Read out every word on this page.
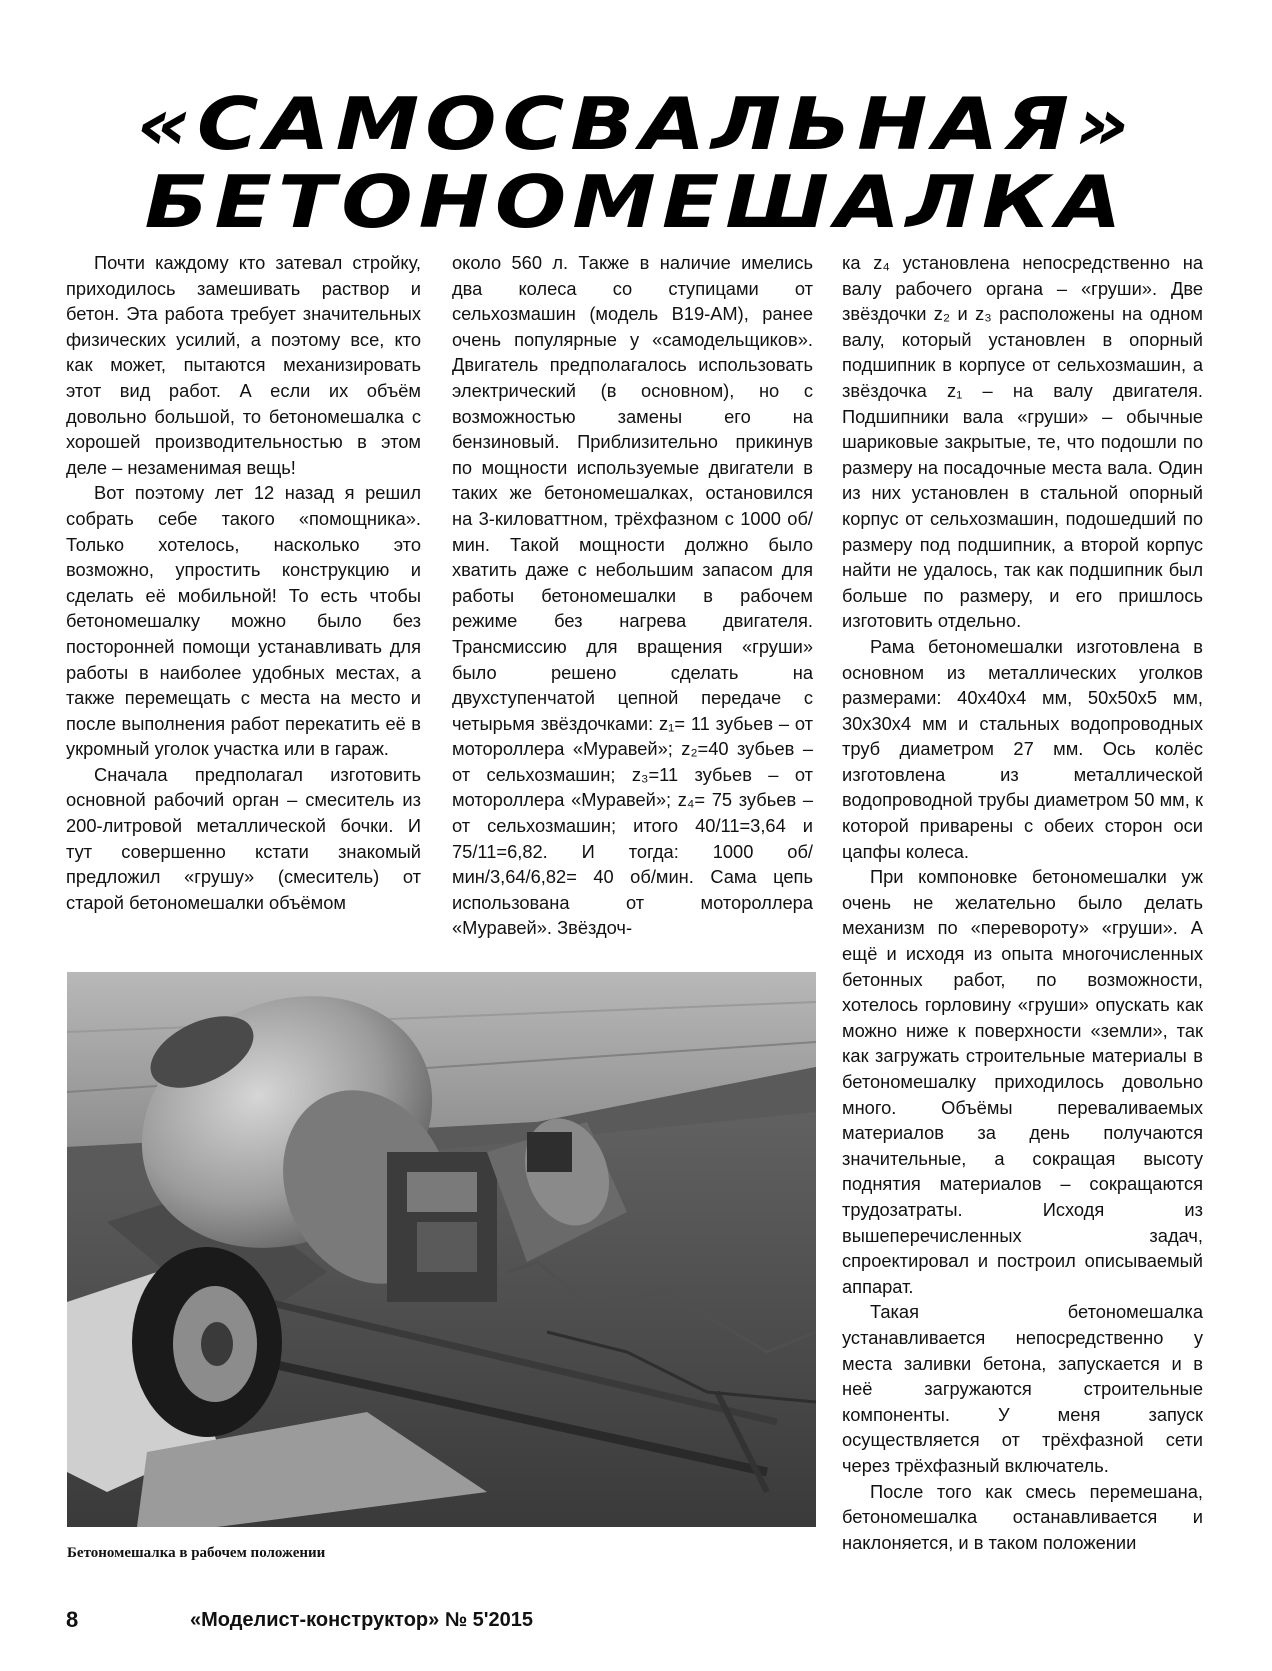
«САМОСВАЛЬНАЯ»
БЕТОНОМЕШАЛКА

Почти каждому кто затевал стройку, приходилось замешивать раствор и бетон. Эта работа требует значительных физических усилий, а поэтому все, кто как может, пытаются механизировать этот вид работ. А если их объём довольно большой, то бетономешалка с хорошей производительностью в этом деле – незаменимая вещь!

Вот поэтому лет 12 назад я решил собрать себе такого «помощника». Только хотелось, насколько это возможно, упростить конструкцию и сделать её мобильной! То есть чтобы бетономешалку можно было без посторонней помощи устанавливать для работы в наиболее удобных местах, а также перемещать с места на место и после выполнения работ перекатить её в укромный уголок участка или в гараж.

Сначала предполагал изготовить основной рабочий орган – смеситель из 200-литровой металлической бочки. И тут совершенно кстати знакомый предложил «грушу» (смеситель) от старой бетономешалки объёмом

около 560 л. Также в наличие имелись два колеса со ступицами от сельхозмашин (модель В19-АМ), ранее очень популярные у «самодельщиков». Двигатель предполагалось использовать электрический (в основном), но с возможностью замены его на бензиновый. Приблизительно прикинув по мощности используемые двигатели в таких же бетономешалках, остановился на 3-киловаттном, трёхфазном с 1000 об/мин. Такой мощности должно было хватить даже с небольшим запасом для работы бетономешалки в рабочем режиме без нагрева двигателя. Трансмиссию для вращения «груши» было решено сделать на двухступенчатой цепной передаче с четырьмя звёздочками: z₁= 11 зубьев – от мотороллера «Муравей»; z₂=40 зубьев – от сельхозмашин; z₃=11 зубьев – от мотороллера «Муравей»; z₄= 75 зубьев – от сельхозмашин; итого 40/11=3,64 и 75/11=6,82. И тогда: 1000 об/мин/3,64/6,82= 40 об/мин. Сама цепь использована от мотороллера «Муравей». Звёздоч-

ка z₄ установлена непосредственно на валу рабочего органа – «груши». Две звёздочки z₂ и z₃ расположены на одном валу, который установлен в опорный подшипник в корпусе от сельхозмашин, а звёздочка z₁ – на валу двигателя. Подшипники вала «груши» – обычные шариковые закрытые, те, что подошли по размеру на посадочные места вала. Один из них установлен в стальной опорный корпус от сельхозмашин, подошедший по размеру под подшипник, а второй корпус найти не удалось, так как подшипник был больше по размеру, и его пришлось изготовить отдельно.

Рама бетономешалки изготовлена в основном из металлических уголков размерами: 40х40х4 мм, 50х50х5 мм, 30х30х4 мм и стальных водопроводных труб диаметром 27 мм. Ось колёс изготовлена из металлической водопроводной трубы диаметром 50 мм, к которой приварены с обеих сторон оси цапфы колеса.

При компоновке бетономешалки уж очень не желательно было делать механизм по «перевороту» «груши». А ещё и исходя из опыта многочисленных бетонных работ, по возможности, хотелось горловину «груши» опускать как можно ниже к поверхности «земли», так как загружать строительные материалы в бетономешалку приходилось довольно много. Объёмы переваливаемых материалов за день получаются значительные, а сокращая высоту поднятия материалов – сокращаются трудозатраты. Исходя из вышеперечисленных задач, спроектировал и построил описываемый аппарат.

Такая бетономешалка устанавливается непосредственно у места заливки бетона, запускается и в неё загружаются строительные компоненты. У меня запуск осуществляется от трёхфазной сети через трёхфазный включатель.

После того как смесь перемешана, бетономешалка останавливается и наклоняется, и в таком положении

Бетономешалка в рабочем положении
8	«Моделист-конструктор» № 5'2015
